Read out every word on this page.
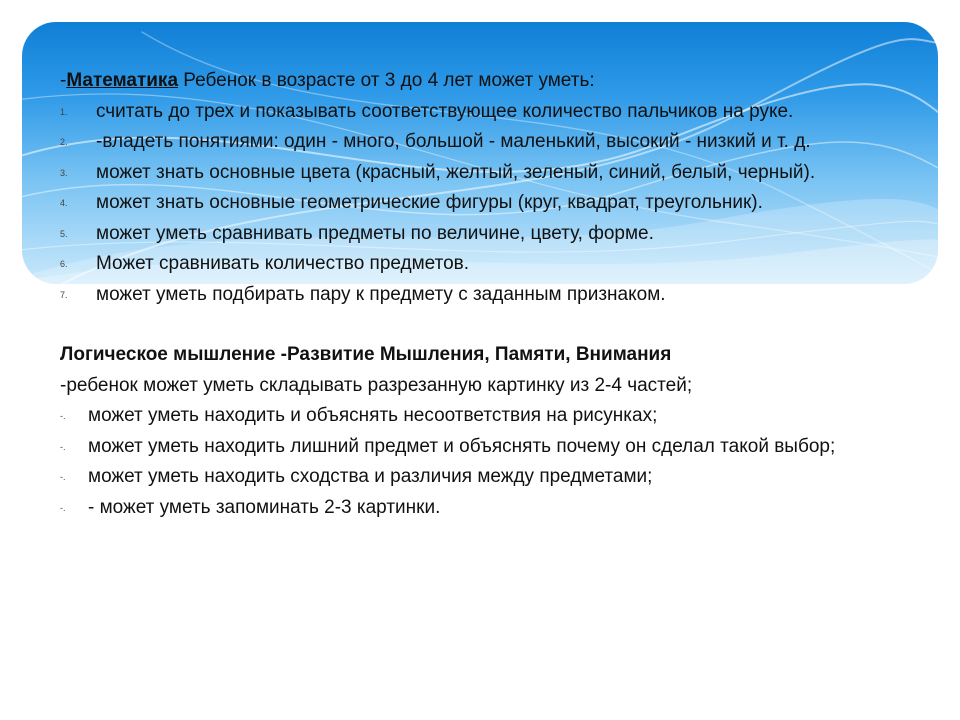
-Математика Ребенок в возрасте от 3 до 4 лет может уметь:

1. считать до трех и показывать соответствующее количество пальчиков на руке.
2. -владеть понятиями: один - много, большой - маленький, высокий - низкий и т. д.
3. может знать основные цвета (красный, желтый, зеленый, синий, белый, черный).
4. может знать основные геометрические фигуры (круг, квадрат, треугольник).
5. может уметь сравнивать предметы по величине, цвету, форме.
6. Может сравнивать количество предметов.
7. может уметь подбирать пару к предмету с заданным признаком.

Логическое мышление -Развитие Мышления, Памяти, Внимания

-ребенок может уметь складывать разрезанную картинку из 2-4 частей;

-. может уметь находить и объяснять несоответствия на рисунках;
-. может уметь находить лишний предмет и объяснять почему он сделал такой выбор;
-. может уметь находить сходства и различия между предметами;
-. - может уметь запоминать 2-3 картинки.
